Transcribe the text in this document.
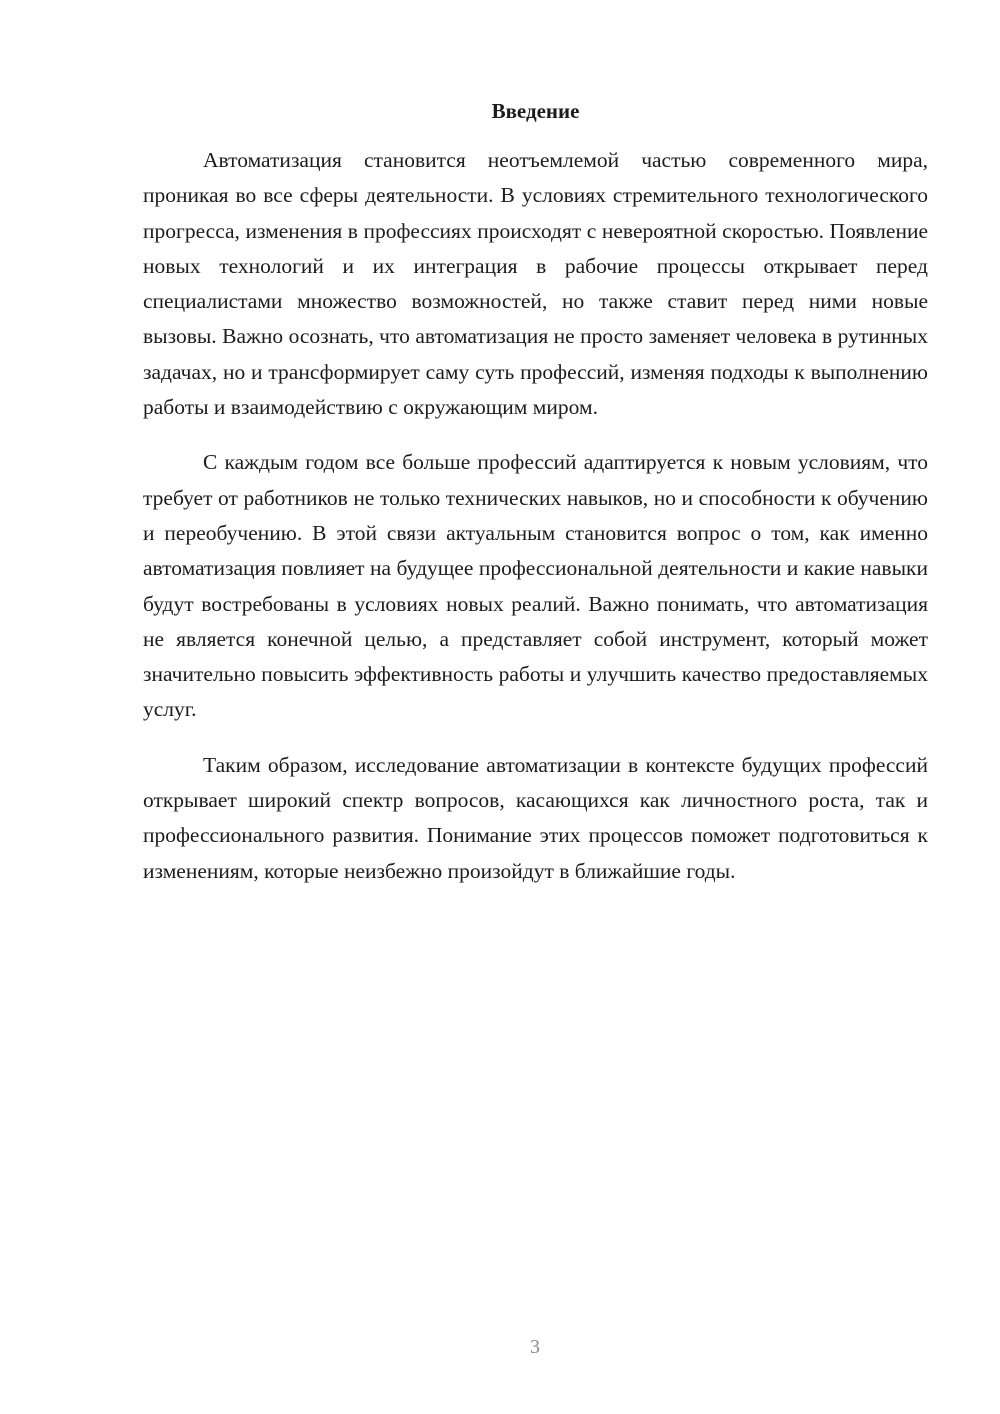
Введение

Автоматизация становится неотъемлемой частью современного мира, проникая во все сферы деятельности. В условиях стремительного технологического прогресса, изменения в профессиях происходят с невероятной скоростью. Появление новых технологий и их интеграция в рабочие процессы открывает перед специалистами множество возможностей, но также ставит перед ними новые вызовы. Важно осознать, что автоматизация не просто заменяет человека в рутинных задачах, но и трансформирует саму суть профессий, изменяя подходы к выполнению работы и взаимодействию с окружающим миром.

С каждым годом все больше профессий адаптируется к новым условиям, что требует от работников не только технических навыков, но и способности к обучению и переобучению. В этой связи актуальным становится вопрос о том, как именно автоматизация повлияет на будущее профессиональной деятельности и какие навыки будут востребованы в условиях новых реалий. Важно понимать, что автоматизация не является конечной целью, а представляет собой инструмент, который может значительно повысить эффективность работы и улучшить качество предоставляемых услуг.

Таким образом, исследование автоматизации в контексте будущих профессий открывает широкий спектр вопросов, касающихся как личностного роста, так и профессионального развития. Понимание этих процессов поможет подготовиться к изменениям, которые неизбежно произойдут в ближайшие годы.

3
